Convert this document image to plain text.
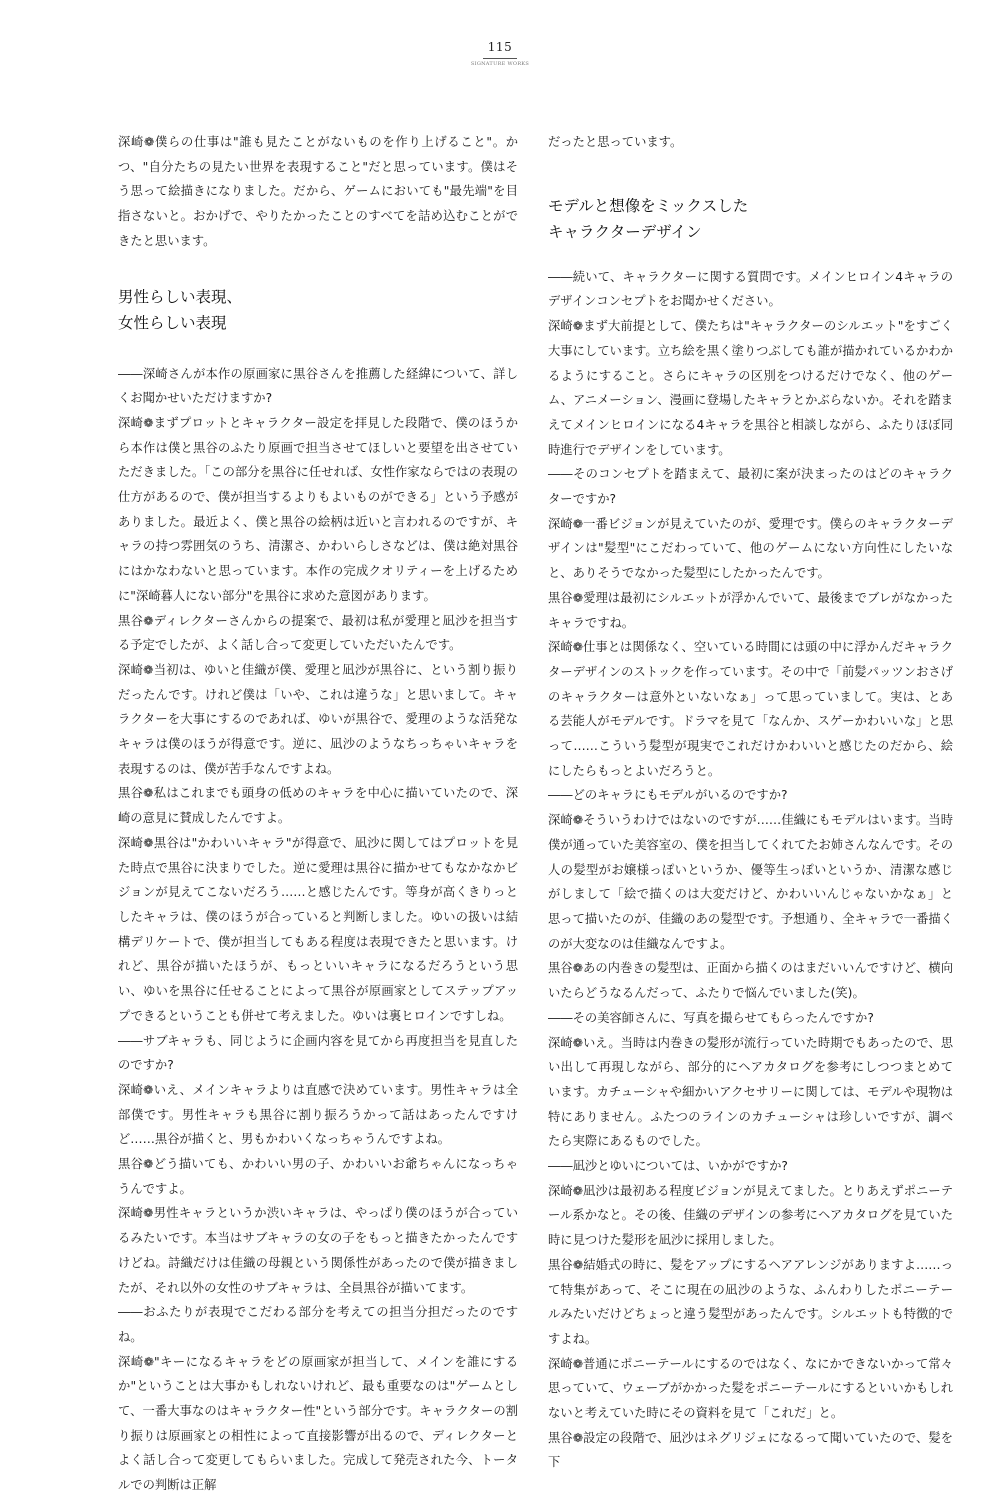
115
SIGNATURE WORKS

深崎❁僕らの仕事は"誰も見たことがないものを作り上げること"。かつ、"自分たちの見たい世界を表現すること"だと思っています。僕はそう思って絵描きになりました。だから、ゲームにおいても"最先端"を目指さないと。おかげで、やりたかったことのすべてを詰め込むことができたと思います。

男性らしい表現、
女性らしい表現

――深崎さんが本作の原画家に黒谷さんを推薦した経緯について、詳しくお聞かせいただけますか?

深崎❁まずプロットとキャラクター設定を拝見した段階で、僕のほうから本作は僕と黒谷のふたり原画で担当させてほしいと要望を出させていただきました。「この部分を黒谷に任せれば、女性作家ならではの表現の仕方があるので、僕が担当するよりもよいものができる」という予感がありました。最近よく、僕と黒谷の絵柄は近いと言われるのですが、キャラの持つ雰囲気のうち、清潔さ、かわいらしさなどは、僕は絶対黒谷にはかなわないと思っています。本作の完成クオリティーを上げるために"深崎暮人にない部分"を黒谷に求めた意図があります。

黒谷❁ディレクターさんからの提案で、最初は私が愛理と凪沙を担当する予定でしたが、よく話し合って変更していただいたんです。

深崎❁当初は、ゆいと佳織が僕、愛理と凪沙が黒谷に、という割り振りだったんです。けれど僕は「いや、これは違うな」と思いまして。キャラクターを大事にするのであれば、ゆいが黒谷で、愛理のような活発なキャラは僕のほうが得意です。逆に、凪沙のようなちっちゃいキャラを表現するのは、僕が苦手なんですよね。

黒谷❁私はこれまでも頭身の低めのキャラを中心に描いていたので、深崎の意見に賛成したんですよ。

深崎❁黒谷は"かわいいキャラ"が得意で、凪沙に関してはプロットを見た時点で黒谷に決まりでした。逆に愛理は黒谷に描かせてもなかなかビジョンが見えてこないだろう……と感じたんです。等身が高くきりっとしたキャラは、僕のほうが合っていると判断しました。ゆいの扱いは結構デリケートで、僕が担当してもある程度は表現できたと思います。けれど、黒谷が描いたほうが、もっといいキャラになるだろうという思い、ゆいを黒谷に任せることによって黒谷が原画家としてステップアップできるということも併せて考えました。ゆいは裏ヒロインですしね。

――サブキャラも、同じように企画内容を見てから再度担当を見直したのですか?

深崎❁いえ、メインキャラよりは直感で決めています。男性キャラは全部僕です。男性キャラも黒谷に割り振ろうかって話はあったんですけど……黒谷が描くと、男もかわいくなっちゃうんですよね。

黒谷❁どう描いても、かわいい男の子、かわいいお爺ちゃんになっちゃうんですよ。

深崎❁男性キャラというか渋いキャラは、やっぱり僕のほうが合っているみたいです。本当はサブキャラの女の子をもっと描きたかったんですけどね。詩織だけは佳織の母親という関係性があったので僕が描きましたが、それ以外の女性のサブキャラは、全員黒谷が描いてます。

――おふたりが表現でこだわる部分を考えての担当分担だったのですね。

深崎❁"キーになるキャラをどの原画家が担当して、メインを誰にするか"ということは大事かもしれないけれど、最も重要なのは"ゲームとして、一番大事なのはキャラクター性"という部分です。キャラクターの割り振りは原画家との相性によって直接影響が出るので、ディレクターとよく話し合って変更してもらいました。完成して発売された今、トータルでの判断は正解

だったと思っています。

モデルと想像をミックスした
キャラクターデザイン

――続いて、キャラクターに関する質問です。メインヒロイン4キャラのデザインコンセプトをお聞かせください。

深崎❁まず大前提として、僕たちは"キャラクターのシルエット"をすごく大事にしています。立ち絵を黒く塗りつぶしても誰が描かれているかわかるようにすること。さらにキャラの区別をつけるだけでなく、他のゲーム、アニメーション、漫画に登場したキャラとかぶらないか。それを踏まえてメインヒロインになる4キャラを黒谷と相談しながら、ふたりほぼ同時進行でデザインをしています。

――そのコンセプトを踏まえて、最初に案が決まったのはどのキャラクターですか?

深崎❁一番ビジョンが見えていたのが、愛理です。僕らのキャラクターデザインは"髪型"にこだわっていて、他のゲームにない方向性にしたいなと、ありそうでなかった髪型にしたかったんです。

黒谷❁愛理は最初にシルエットが浮かんでいて、最後までブレがなかったキャラですね。

深崎❁仕事とは関係なく、空いている時間には頭の中に浮かんだキャラクターデザインのストックを作っています。その中で「前髪パッツンおさげのキャラクターは意外といないなぁ」って思っていまして。実は、とある芸能人がモデルです。ドラマを見て「なんか、スゲーかわいいな」と思って……こういう髪型が現実でこれだけかわいいと感じたのだから、絵にしたらもっとよいだろうと。

――どのキャラにもモデルがいるのですか?

深崎❁そういうわけではないのですが……佳織にもモデルはいます。当時僕が通っていた美容室の、僕を担当してくれてたお姉さんなんです。その人の髪型がお嬢様っぽいというか、優等生っぽいというか、清潔な感じがしまして「絵で描くのは大変だけど、かわいいんじゃないかなぁ」と思って描いたのが、佳織のあの髪型です。予想通り、全キャラで一番描くのが大変なのは佳織なんですよ。

黒谷❁あの内巻きの髪型は、正面から描くのはまだいいんですけど、横向いたらどうなるんだって、ふたりで悩んでいました(笑)。

――その美容師さんに、写真を撮らせてもらったんですか?

深崎❁いえ。当時は内巻きの髪形が流行っていた時期でもあったので、思い出して再現しながら、部分的にヘアカタログを参考にしつつまとめています。カチューシャや細かいアクセサリーに関しては、モデルや現物は特にありません。ふたつのラインのカチューシャは珍しいですが、調べたら実際にあるものでした。

――凪沙とゆいについては、いかがですか?

深崎❁凪沙は最初ある程度ビジョンが見えてました。とりあえずポニーテール系かなと。その後、佳織のデザインの参考にヘアカタログを見ていた時に見つけた髪形を凪沙に採用しました。

黒谷❁結婚式の時に、髪をアップにするヘアアレンジがありますよ……って特集があって、そこに現在の凪沙のような、ふんわりしたポニーテールみたいだけどちょっと違う髪型があったんです。シルエットも特徴的ですよね。

深崎❁普通にポニーテールにするのではなく、なにかできないかって常々思っていて、ウェーブがかかった髪をポニーテールにするといいかもしれないと考えていた時にその資料を見て「これだ」と。

黒谷❁設定の段階で、凪沙はネグリジェになるって聞いていたので、髪を下
